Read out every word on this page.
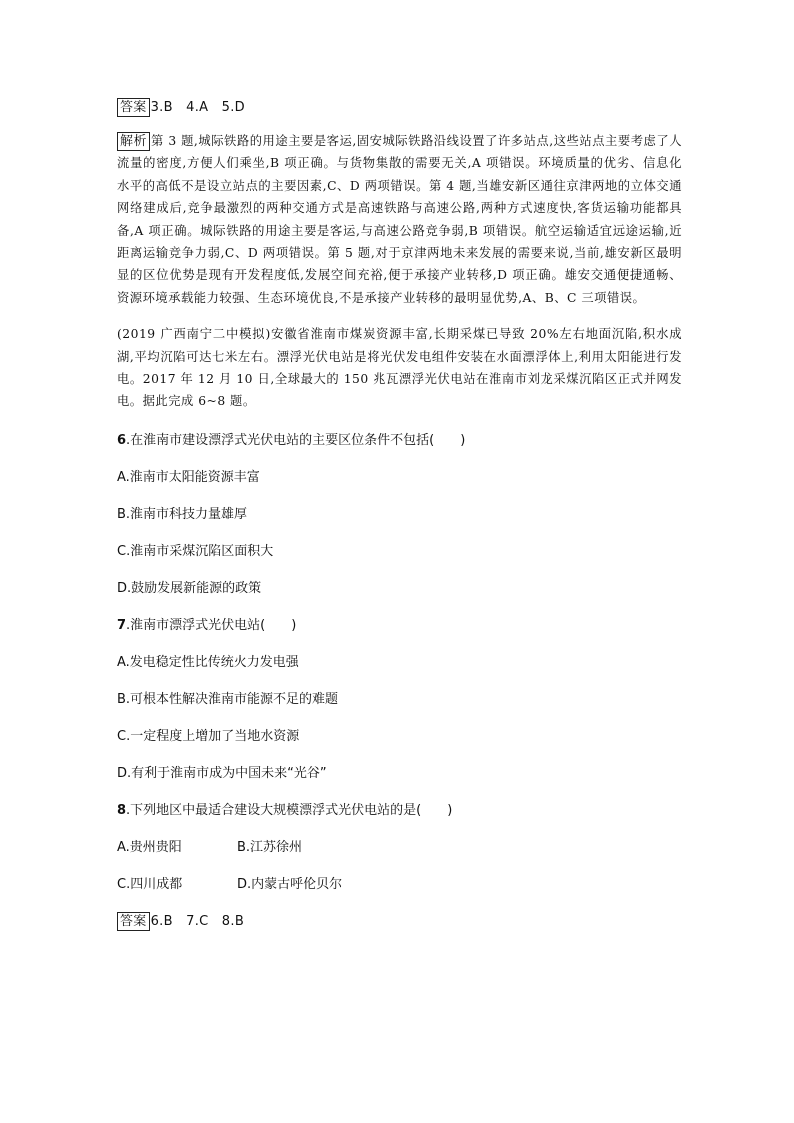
答案 3.B　4.A　5.D
解析 第 3 题,城际铁路的用途主要是客运,固安城际铁路沿线设置了许多站点,这些站点主要考虑了人流量的密度,方便人们乘坐,B 项正确。与货物集散的需要无关,A 项错误。环境质量的优劣、信息化水平的高低不是设立站点的主要因素,C、D 两项错误。第 4 题,当雄安新区通往京津两地的立体交通网络建成后,竞争最激烈的两种交通方式是高速铁路与高速公路,两种方式速度快,客货运输功能都具备,A 项正确。城际铁路的用途主要是客运,与高速公路竞争弱,B 项错误。航空运输适宜远途运输,近距离运输竞争力弱,C、D 两项错误。第 5 题,对于京津两地未来发展的需要来说,当前,雄安新区最明显的区位优势是现有开发程度低,发展空间充裕,便于承接产业转移,D 项正确。雄安交通便捷通畅、资源环境承载能力较强、生态环境优良,不是承接产业转移的最明显优势,A、B、C 三项错误。
(2019 广西南宁二中模拟)安徽省淮南市煤炭资源丰富,长期采煤已导致 20%左右地面沉陷,积水成湖,平均沉陷可达七米左右。漂浮光伏电站是将光伏发电组件安装在水面漂浮体上,利用太阳能进行发电。2017 年 12 月 10 日,全球最大的 150 兆瓦漂浮光伏电站在淮南市刘龙采煤沉陷区正式并网发电。据此完成 6~8 题。
6.在淮南市建设漂浮式光伏电站的主要区位条件不包括(　　)
A.淮南市太阳能资源丰富
B.淮南市科技力量雄厚
C.淮南市采煤沉陷区面积大
D.鼓励发展新能源的政策
7.淮南市漂浮式光伏电站(　　)
A.发电稳定性比传统火力发电强
B.可根本性解决淮南市能源不足的难题
C.一定程度上增加了当地水资源
D.有利于淮南市成为中国未来“光谷”
8.下列地区中最适合建设大规模漂浮式光伏电站的是(　　)
A.贵州贵阳	B.江苏徐州
C.四川成都	D.内蒙古呼伦贝尔
答案 6.B　7.C　8.B
